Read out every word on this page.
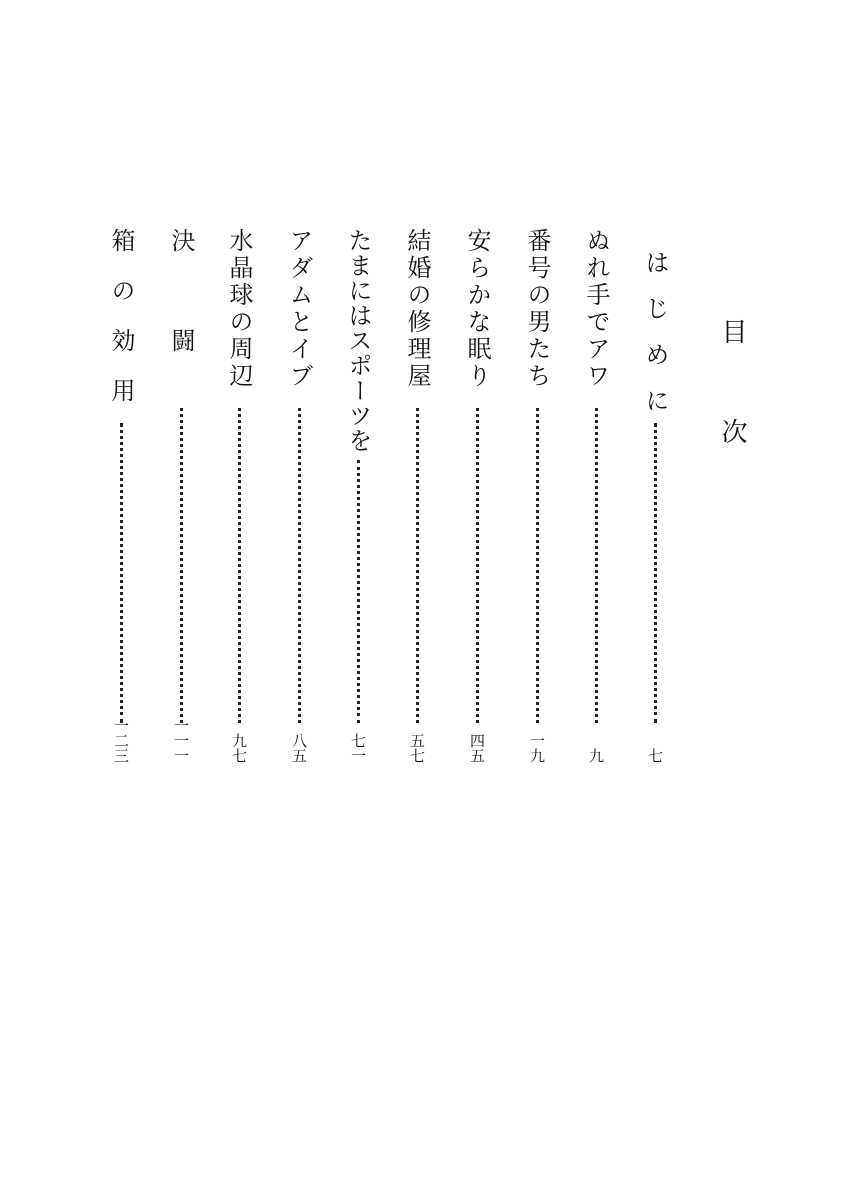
目次
はじめに
七
ぬれ手でアワ
九
番号の男たち
一九
安らかな眠り
四五
結婚の修理屋
五七
たまにはスポーツを
七一
アダムとイブ
八五
水晶球の周辺
九七
決　闘
一一一
箱の効用
一二三
